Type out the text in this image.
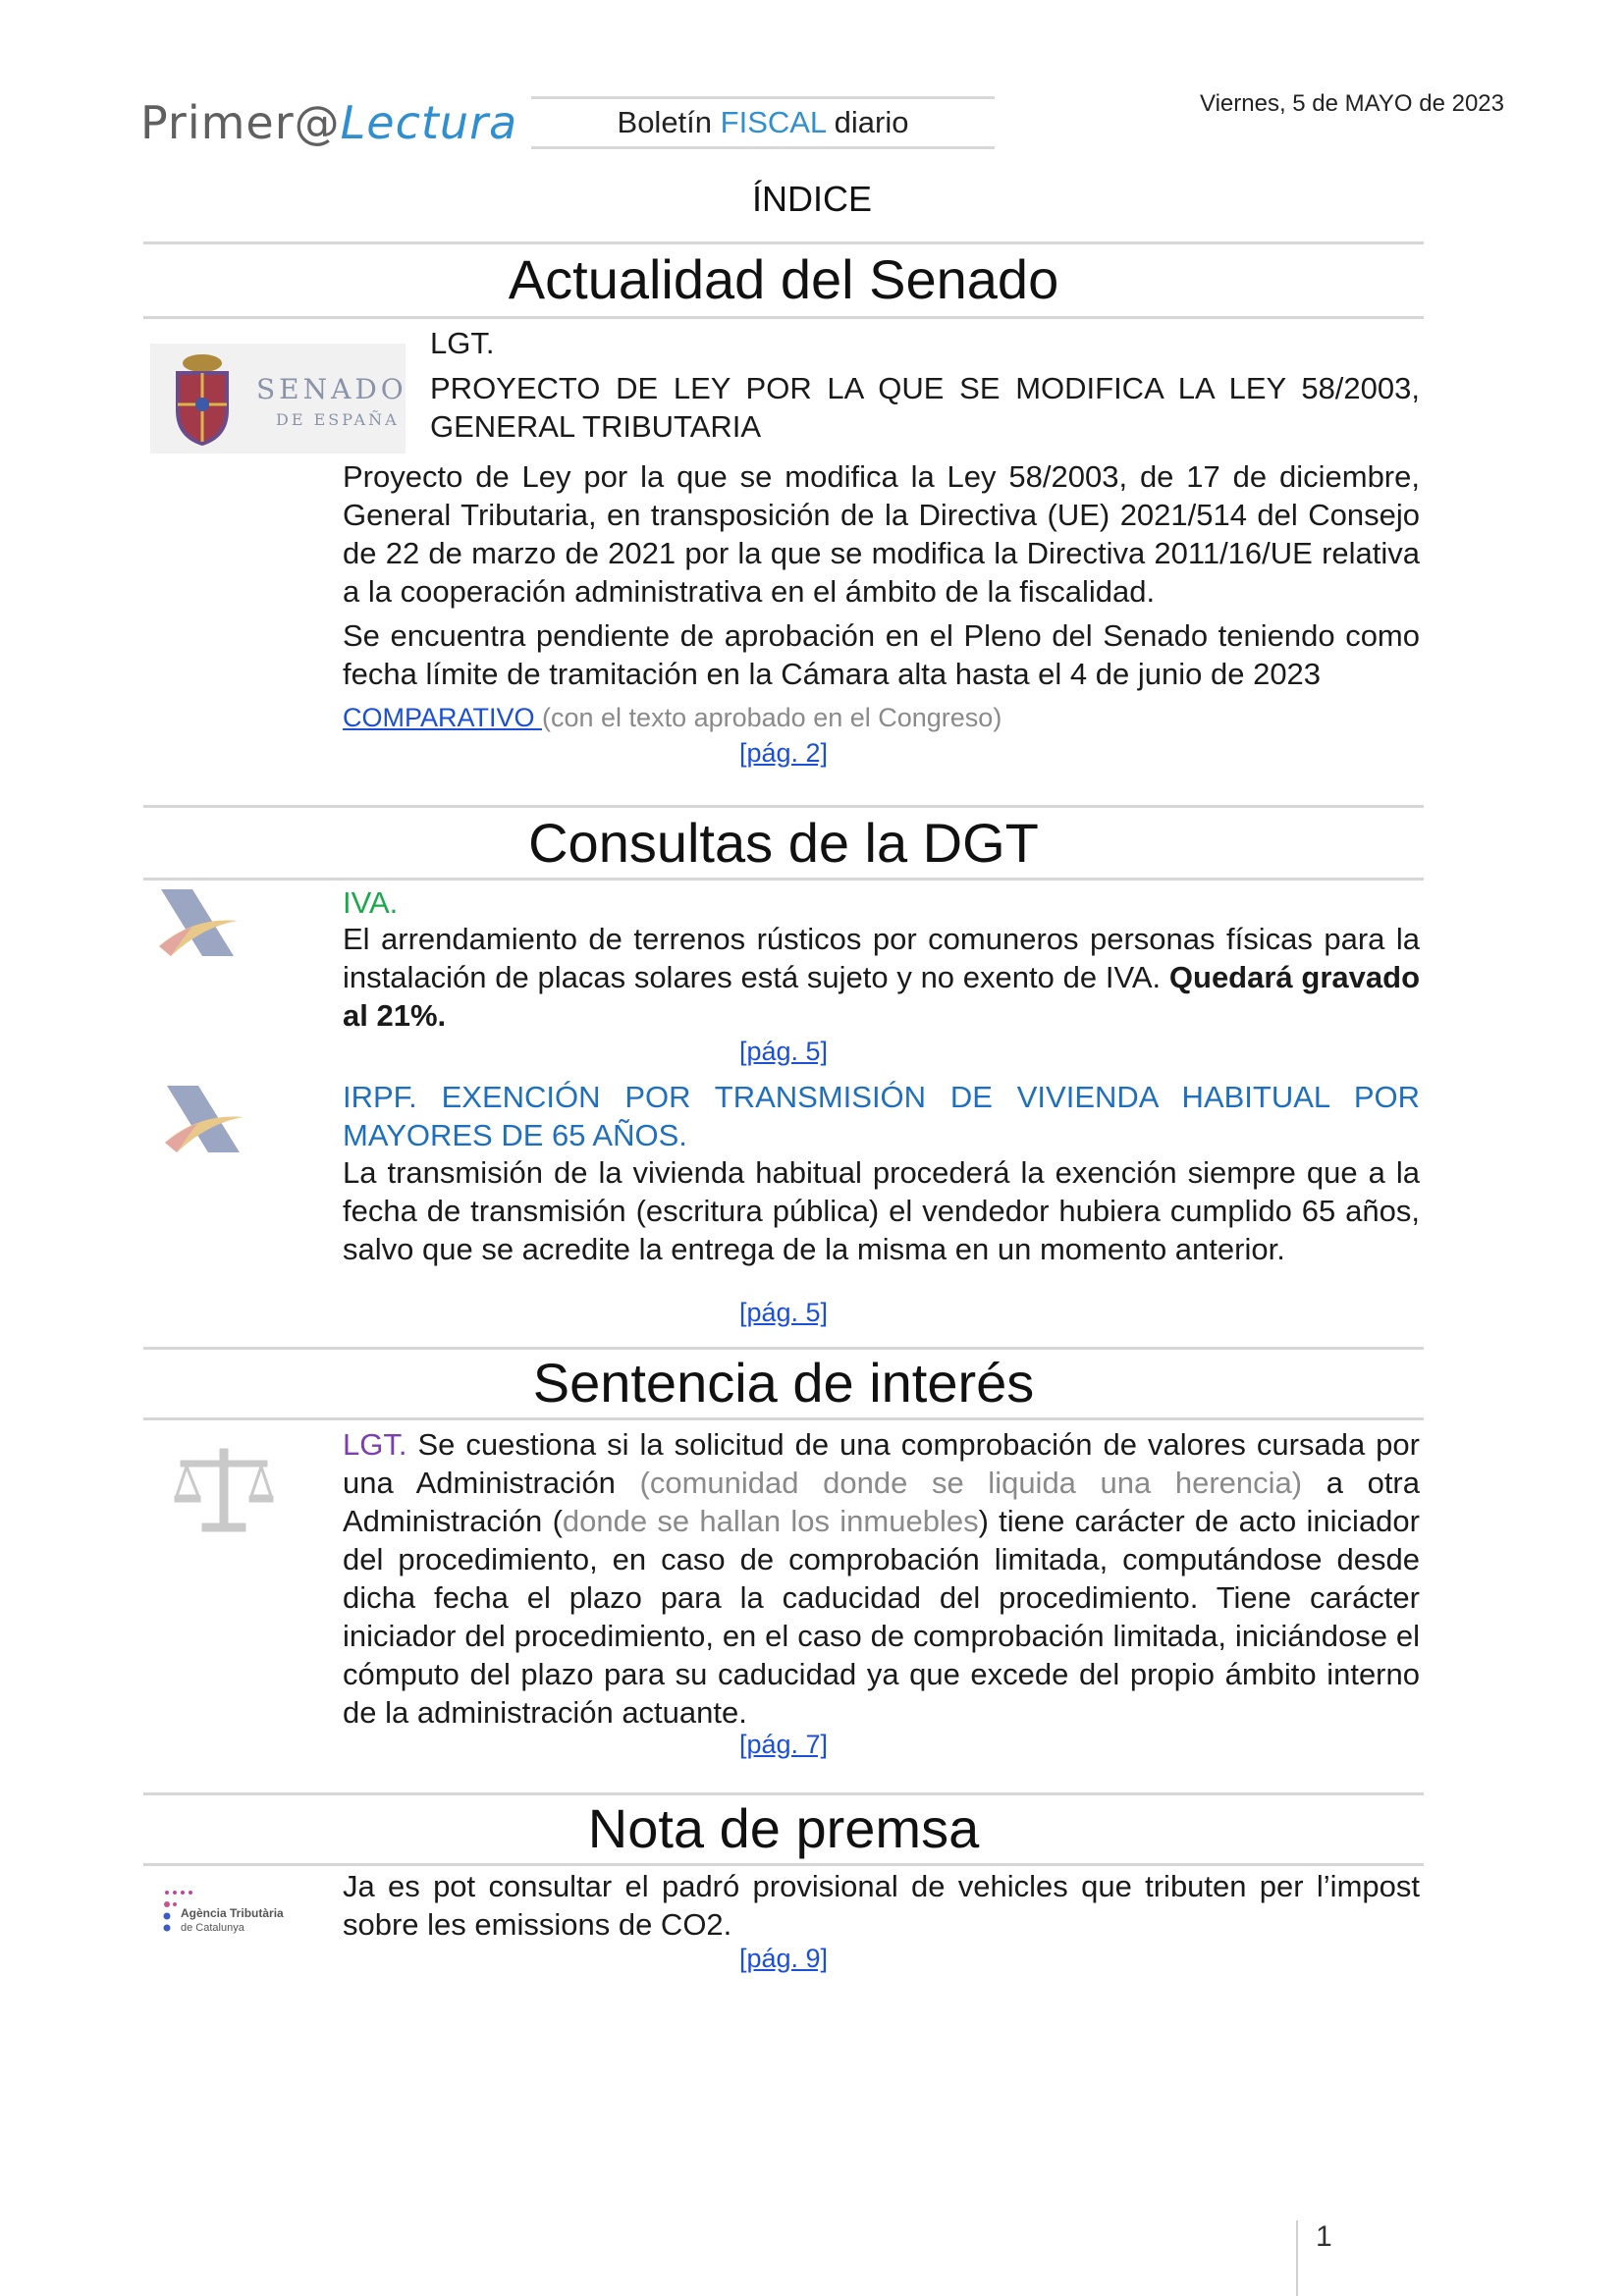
Primer@Lectura	Boletín FISCAL diario
Viernes, 5 de MAYO de 2023
ÍNDICE
Actualidad del Senado
SENADO
DE ESPAÑA
LGT.
PROYECTO DE LEY POR LA QUE SE MODIFICA LA LEY 58/2003, GENERAL TRIBUTARIA
Proyecto de Ley por la que se modifica la Ley 58/2003, de 17 de diciembre, General Tributaria, en transposición de la Directiva (UE) 2021/514 del Consejo de 22 de marzo de 2021 por la que se modifica la Directiva 2011/16/UE relativa a la cooperación administrativa en el ámbito de la fiscalidad.
Se encuentra pendiente de aprobación en el Pleno del Senado teniendo como fecha límite de tramitación en la Cámara alta hasta el 4 de junio de 2023
COMPARATIVO (con el texto aprobado en el Congreso)
[pág. 2]
Consultas de la DGT
IVA.
El arrendamiento de terrenos rústicos por comuneros personas físicas para la instalación de placas solares está sujeto y no exento de IVA. Quedará gravado al 21%.
[pág. 5]
IRPF. EXENCIÓN POR TRANSMISIÓN DE VIVIENDA HABITUAL POR MAYORES DE 65 AÑOS.
La transmisión de la vivienda habitual procederá la exención siempre que a la fecha de transmisión (escritura pública) el vendedor hubiera cumplido 65 años, salvo que se acredite la entrega de la misma en un momento anterior.
[pág. 5]
Sentencia de interés
LGT. Se cuestiona si la solicitud de una comprobación de valores cursada por una Administración (comunidad donde se liquida una herencia) a otra Administración (donde se hallan los inmuebles) tiene carácter de acto iniciador del procedimiento, en caso de comprobación limitada, computándose desde dicha fecha el plazo para la caducidad del procedimiento. Tiene carácter iniciador del procedimiento, en el caso de comprobación limitada, iniciándose el cómputo del plazo para su caducidad ya que excede del propio ámbito interno de la administración actuante.
[pág. 7]
Nota de premsa
Agència Tributària
de Catalunya
Ja es pot consultar el padró provisional de vehicles que tributen per l’impost sobre les emissions de CO2.
[pág. 9]
1
